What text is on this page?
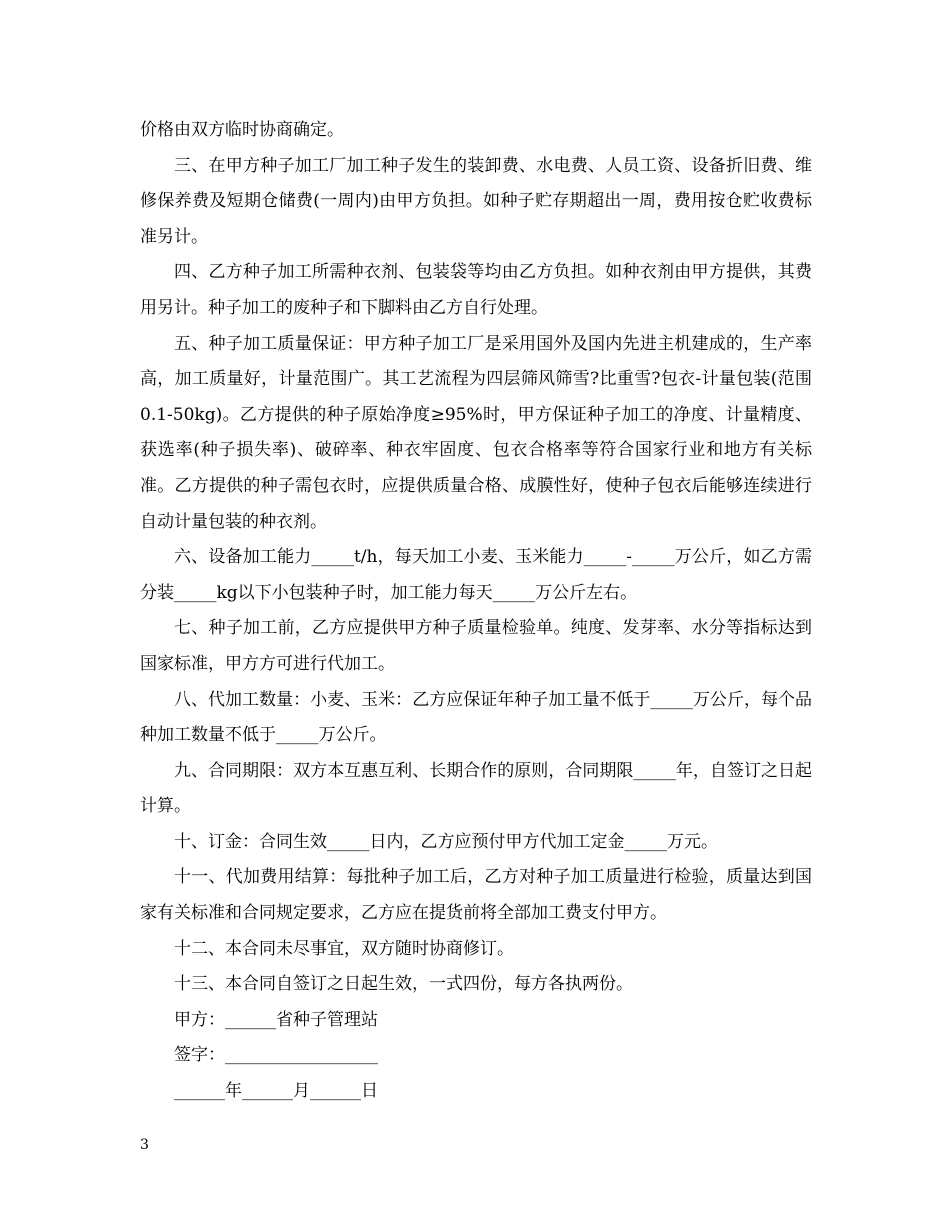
价格由双方临时协商确定。

三、在甲方种子加工厂加工种子发生的装卸费、水电费、人员工资、设备折旧费、维修保养费及短期仓储费(一周内)由甲方负担。如种子贮存期超出一周，费用按仓贮收费标准另计。

四、乙方种子加工所需种衣剂、包装袋等均由乙方负担。如种衣剂由甲方提供，其费用另计。种子加工的废种子和下脚料由乙方自行处理。

五、种子加工质量保证：甲方种子加工厂是采用国外及国内先进主机建成的，生产率高，加工质量好，计量范围广。其工艺流程为四层筛风筛雪?比重雪?包衣-计量包装(范围0.1-50kg)。乙方提供的种子原始净度≥95%时，甲方保证种子加工的净度、计量精度、获选率(种子损失率)、破碎率、种衣牢固度、包衣合格率等符合国家行业和地方有关标准。乙方提供的种子需包衣时，应提供质量合格、成膜性好，使种子包衣后能够连续进行自动计量包装的种衣剂。

六、设备加工能力_____t/h，每天加工小麦、玉米能力_____-_____万公斤，如乙方需分装_____kg以下小包装种子时，加工能力每天_____万公斤左右。

七、种子加工前，乙方应提供甲方种子质量检验单。纯度、发芽率、水分等指标达到国家标准，甲方方可进行代加工。

八、代加工数量：小麦、玉米：乙方应保证年种子加工量不低于_____万公斤，每个品种加工数量不低于_____万公斤。

九、合同期限：双方本互惠互利、长期合作的原则，合同期限_____年，自签订之日起计算。

十、订金：合同生效_____日内，乙方应预付甲方代加工定金_____万元。

十一、代加费用结算：每批种子加工后，乙方对种子加工质量进行检验，质量达到国家有关标准和合同规定要求，乙方应在提货前将全部加工费支付甲方。

十二、本合同未尽事宜，双方随时协商修订。

十三、本合同自签订之日起生效，一式四份，每方各执两份。

甲方：______省种子管理站

签字：__________________

______年______月______日

3
